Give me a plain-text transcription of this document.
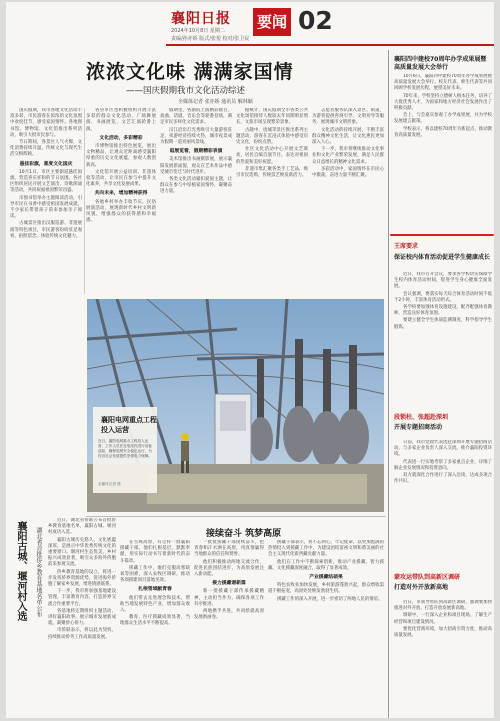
襄阳日报
2024年10月8日 星期二
责编/孙亦娇 版式/张悦 校对/张卫民
要闻 02
浓浓文化味 满满家国情
——国庆假期我市文化活动综述
全媒体记者 张亦娇 通讯员 解林颖

国庆假期，我市各地文化活动丰富多彩，市民游客在浓浓的文化氛围中欢度佳节，感受家国情怀。各地图书馆、博物馆、文化馆推出系列活动，吸引大批市民参与。

节日期间，各景区人气火爆，文化消费持续升温，传统文化与现代生活交相辉映。

悬挂彩旗，喜度文化国庆

10月1日，市区主要街道悬挂国旗，营造喜庆祥和的节日氛围。各社区组织居民开展文艺演出、诗歌朗诵等活动，共同祝福祖国繁荣昌盛。

市图书馆举办主题阅读活动，引导市民在书香中感受祖国发展成就，不少家长带着孩子前来参加亲子阅读。

古城景区推出汉服巡游、非遗展演等特色项目，市民游客纷纷驻足观看，拍照留念，体验传统文化魅力。

各县市区也积极组织开展丰富多彩的群众文化活动，广场舞展演、书画展览、文艺汇演轮番上演。

文化活动，多彩精彩

市博物馆推出特色展览，展出文物精品，让观众近距离感受襄阳厚重的历史文化底蕴，参观人数创新高。

文化馆开展公益培训、非遗体验等活动，让市民在参与中提升文化素养，共享文化发展成果。

共向未来，增加精神获得

各地乡村举办丰收节庆、民俗展演活动，展现新时代乡村文明新风貌，增强群众的获得感和幸福感。

假期里，各剧院上演精彩剧目，戏曲、话剧、音乐会等轮番登场，满足市民多样化文化需求。

汉江沿岸灯光秀吸引大量游客驻足，夜游经济持续火热，城市夜景成为假期一道亮丽风景线。

逛展览看，假期精彩表演

美术馆推出书画摄影展，展示襄阳发展新面貌，观众在艺术作品中感受城市变迁与时代进步。

各类文化活动紧扣爱国主题，让群众在参与中厚植家国情怀，凝聚奋进力量。

据统计，国庆假期全市各类公共文化场馆接待人数较去年同期明显增长，文旅市场呈现繁荣景象。

古隆中、唐城等景区推出系列主题活动，游客在沉浸式体验中感受历史文化，纷纷点赞。

社区文化活动中心开展文艺联欢，居民自编自演节目，表达对祖国的热爱和美好祝愿。

非遗市集汇聚各类手工艺品，吸引市民选购，传统技艺焕发新活力。

志愿者服务队深入景区、街道，为游客提供咨询引导、文明劝导等服务，展现城市文明形象。

文化活动的持续开展，不断丰富群众精神文化生活，让文化惠民更加深入人心。

下一步，我市将继续推动文化事业和文化产业繁荣发展，满足人民群众日益增长的精神文化需求。

多彩活动中，家国情怀在市民心中激荡，奋进力量不断汇聚。

襄阳电网重点工程
投入运营
近日，襄阳电网重点工程投入运营，工作人员在变电站内进行设备巡检，确保电网安全稳定运行，为经济社会发展提供坚强电力保障。
全媒体记者 摄
襄阳古城、堰河村入选 湖北省首批侨乡教育基地名单公布

近日，湖北省侨联公布首批侨乡教育基地名单，襄阳古城、堰河村成功入选。

襄阳古城历史悠久，文化底蕴深厚，是展示中华优秀传统文化的重要窗口。堰河村生态优美，乡村振兴成效显著，吸引众多海外侨胞前来参观交流。

侨乡教育基地的设立，将进一步发挥侨界资源优势，促进海外侨胞了解家乡发展，增进情感联系。

下一步，我市将加强基地建设管理，丰富教育内容，打造侨界交流合作重要平台。

各基地将定期组织主题活动，讲好襄阳故事，展示城市发展新成就，凝聚侨心侨力。

市侨联表示，将以此为契机，持续推动侨务工作高质量发展。

接续奋斗 筑梦高原

在雪域高原，有这样一群襄阳援藏干部，他们扎根基层，默默奉献，用实际行动书写着新时代的奋斗篇章。

援藏工作中，他们克服高寒缺氧等困难，深入农牧区调研，推动各项援建项目落地见效。

扎根雪域献青春

他们带去先进理念和技术，帮助当地发展特色产业，增加群众收入。

教育、医疗援藏成效显著，当地群众生活水平不断提高。

一批批援藏干部接续奋斗，把青春和汗水洒在高原，用真情赢得当地群众的信任和赞誉。

他们积极推动两地交流合作，促进民族团结进步，为高原发展注入新动能。

接力援藏谱新篇

新一批援藏干部传承援藏精神，主动担当作为，确保各项工作有序推进。

两地携手共进，共同绘就高原发展新画卷。

援藏干部表示，将不忘初心，牢记使命，以更加饱满的热情投入到援藏工作中，为建设团结富裕文明和谐美丽的社会主义现代化新西藏贡献力量。

他们在工作中不断探索创新，推动产业援藏、智力援藏、文化援藏深度融合，取得了显著成效。

产业援藏结硕果

特色农牧业加快发展，乡村旅游蓬勃兴起，群众增收渠道不断拓宽，高原处处焕发勃勃生机。

援藏工作的深入开展，进一步密切了两地人民的情谊。

襄阳四中建校70周年办学成果展暨高质量发展大会举行

10月6日，襄阳四中建校70周年办学成果展暨高质量发展大会举行。校友代表、师生代表等共同回顾学校发展历程，展望美好未来。

70年来，学校坚持立德树人根本任务，培养了大批优秀人才，为国家和地方经济社会发展作出了积极贡献。

会上，与会嘉宾参观了办学成果展，并为学校发展建言献策。

学校表示，将以建校70周年为新起点，推动教育高质量发展。

王席要求
保证校内体育活动促进学生健康成长

近日，我市召开会议，要求各学校切实保障学生校内体育活动时间，促进学生身心健康全面发展。

会议强调，要落实每天综合体育活动时间不低于2小时，丰富体育活动形式。

各学校要加强体育设施建设，配齐配强体育教师，营造良好体育氛围。

要建立健全学生体质监测制度，科学指导学生锻炼。

段锁柱、张超赴深圳
开展专题招商活动

日前，我市党政代表团赴深圳开展专题招商活动，与多家企业负责人深入交流，推介襄阳投资环境。

代表团一行实地考察了多家重点企业，详细了解企业发展情况和投资意向。

双方就深化合作进行了深入洽谈，达成多项合作共识。

蒙攻运带队到高新区调研
打造对外开放新高地

近日，市领导带队到高新区调研，强调要加快推进对外开放，打造开放发展新高地。

调研中，一行深入企业和项目现场，了解生产经营和项目建设情况。

要优化营商环境，加大招商引资力度，推动高质量发展。
